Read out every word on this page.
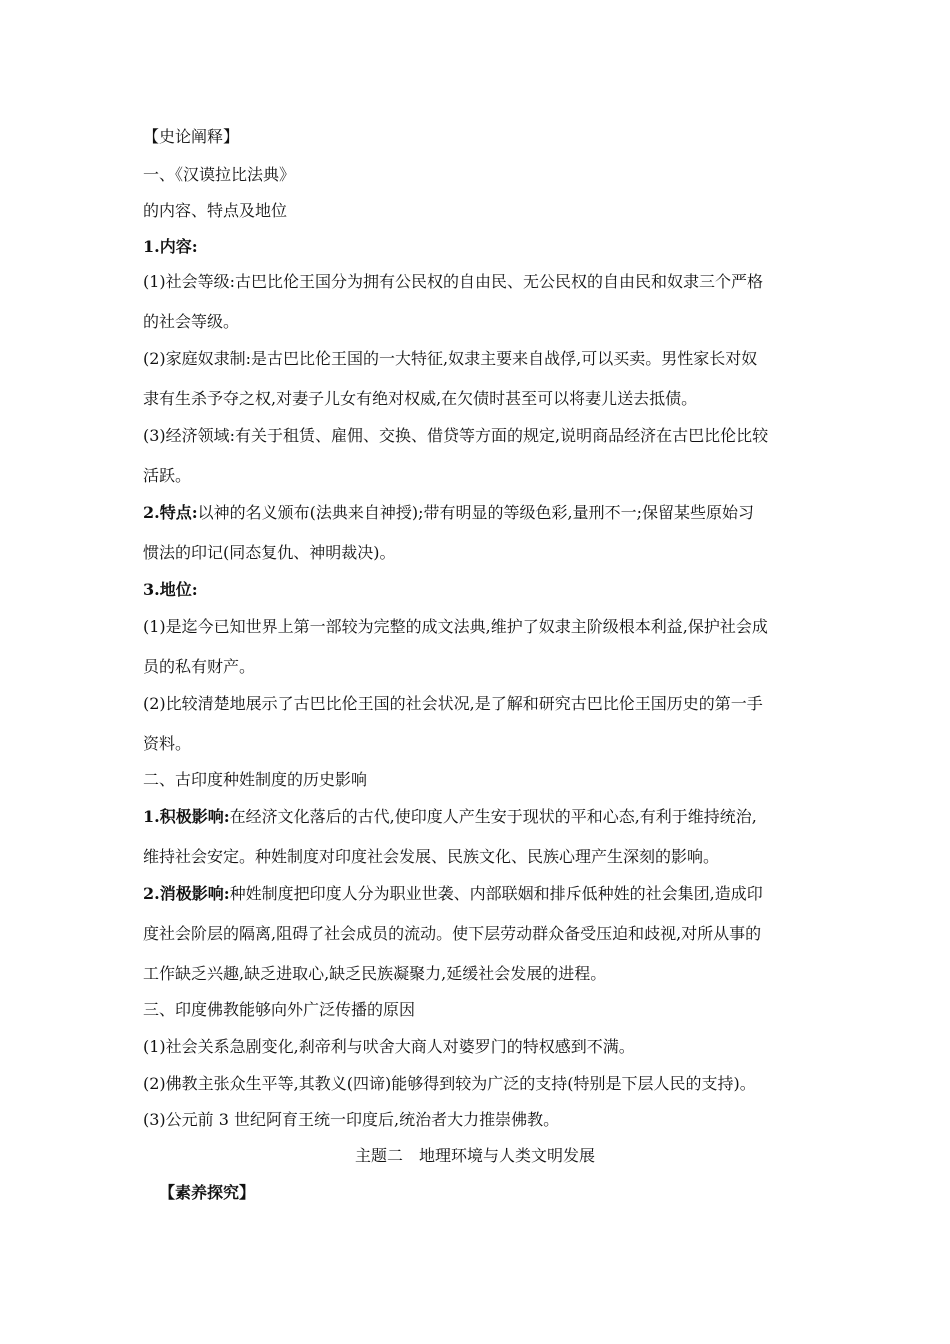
【史论阐释】
一、《汉谟拉比法典》
的内容、特点及地位
1.内容:
(1)社会等级:古巴比伦王国分为拥有公民权的自由民、无公民权的自由民和奴隶三个严格
的社会等级。
(2)家庭奴隶制:是古巴比伦王国的一大特征,奴隶主要来自战俘,可以买卖。男性家长对奴
隶有生杀予夺之权,对妻子儿女有绝对权威,在欠债时甚至可以将妻儿送去抵债。
(3)经济领域:有关于租赁、雇佣、交换、借贷等方面的规定,说明商品经济在古巴比伦比较
活跃。
2.特点:以神的名义颁布(法典来自神授);带有明显的等级色彩,量刑不一;保留某些原始习
惯法的印记(同态复仇、神明裁决)。
3.地位:
(1)是迄今已知世界上第一部较为完整的成文法典,维护了奴隶主阶级根本利益,保护社会成
员的私有财产。
(2)比较清楚地展示了古巴比伦王国的社会状况,是了解和研究古巴比伦王国历史的第一手
资料。
二、古印度种姓制度的历史影响
1.积极影响:在经济文化落后的古代,使印度人产生安于现状的平和心态,有利于维持统治,
维持社会安定。种姓制度对印度社会发展、民族文化、民族心理产生深刻的影响。
2.消极影响:种姓制度把印度人分为职业世袭、内部联姻和排斥低种姓的社会集团,造成印
度社会阶层的隔离,阻碍了社会成员的流动。使下层劳动群众备受压迫和歧视,对所从事的
工作缺乏兴趣,缺乏进取心,缺乏民族凝聚力,延缓社会发展的进程。
三、印度佛教能够向外广泛传播的原因
(1)社会关系急剧变化,刹帝利与吠舍大商人对婆罗门的特权感到不满。
(2)佛教主张众生平等,其教义(四谛)能够得到较为广泛的支持(特别是下层人民的支持)。
(3)公元前 3 世纪阿育王统一印度后,统治者大力推崇佛教。
主题二　地理环境与人类文明发展
【素养探究】
